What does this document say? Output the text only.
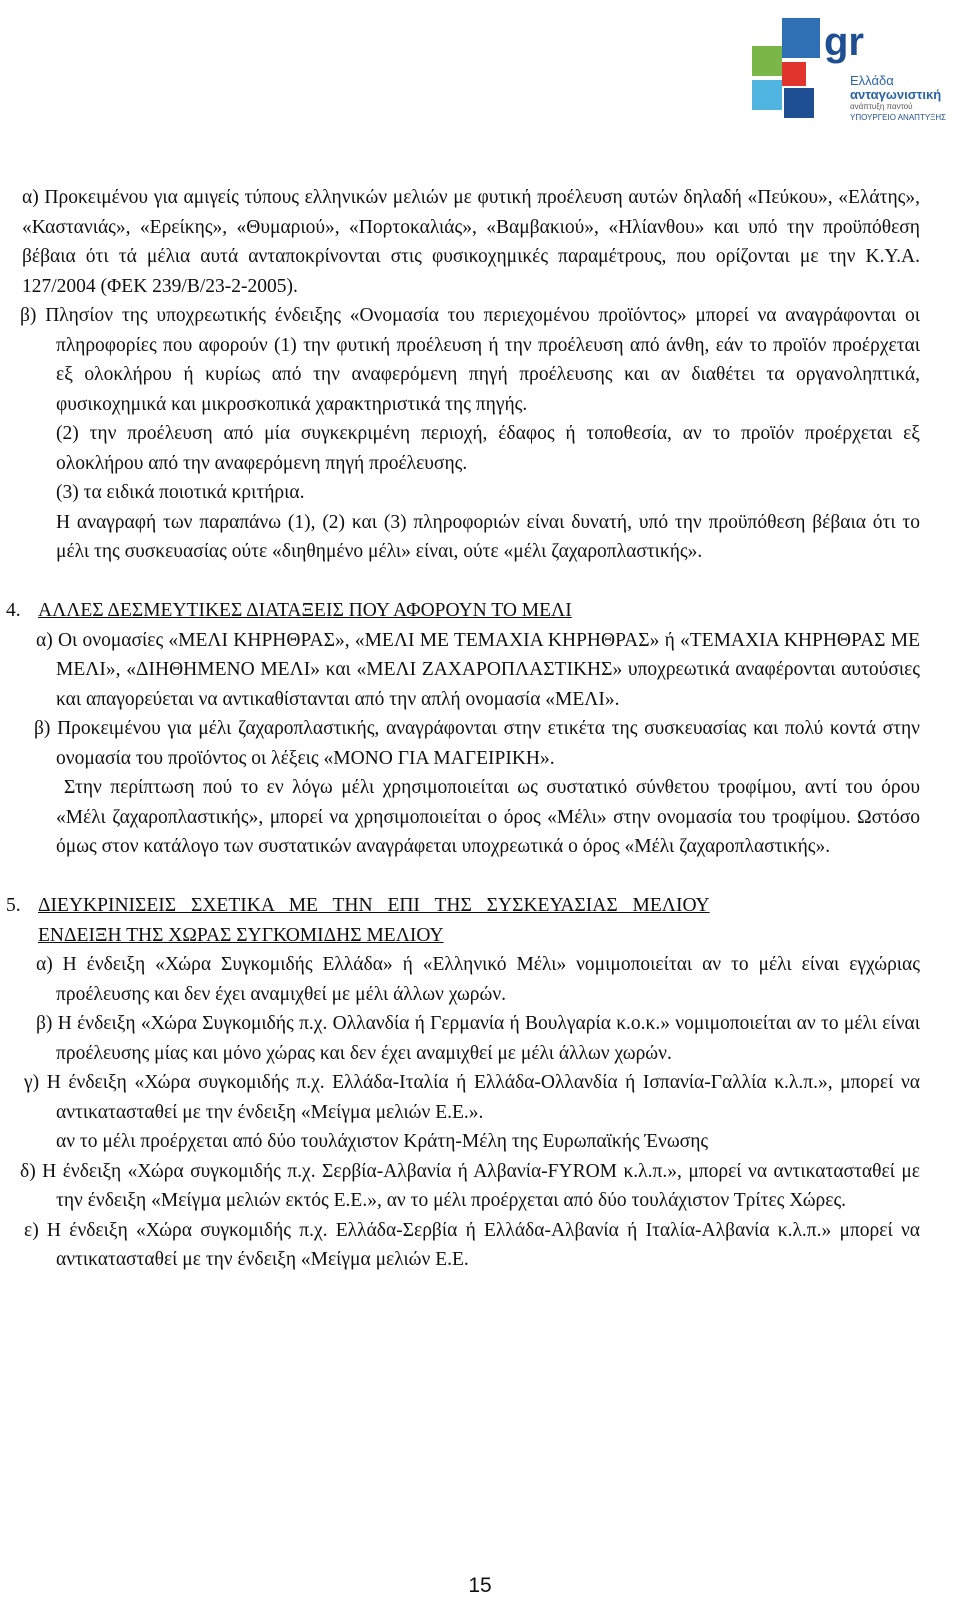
gr
Ελλάδα
ανταγωνιστική
ανάπτυξη παντού
ΥΠΟΥΡΓΕΙΟ ΑΝΑΠΤΥΞΗΣ

α) Προκειμένου για αμιγείς τύπους ελληνικών μελιών με φυτική προέλευση αυτών δηλαδή «Πεύκου», «Ελάτης», «Καστανιάς», «Ερείκης», «Θυμαριού», «Πορτοκαλιάς», «Βαμβακιού», «Ηλίανθου» και υπό την προϋπόθεση βέβαια ότι τά μέλια αυτά ανταποκρίνονται στις φυσικοχημικές παραμέτρους, που ορίζονται με την Κ.Υ.Α. 127/2004 (ΦΕΚ 239/Β/23-2-2005).

β) Πλησίον της υποχρεωτικής ένδειξης «Ονομασία του περιεχομένου προϊόντος» μπορεί να αναγράφονται οι πληροφορίες που αφορούν (1) την φυτική προέλευση ή την προέλευση από άνθη, εάν το προϊόν προέρχεται εξ ολοκλήρου ή κυρίως από την αναφερόμενη πηγή προέλευσης και αν διαθέτει τα οργανοληπτικά, φυσικοχημικά και μικροσκοπικά χαρακτηριστικά της πηγής.

(2) την προέλευση από μία συγκεκριμένη περιοχή, έδαφος ή τοποθεσία, αν το προϊόν προέρχεται εξ ολοκλήρου από την αναφερόμενη πηγή προέλευσης.

(3) τα ειδικά ποιοτικά κριτήρια.

Η αναγραφή των παραπάνω (1), (2) και (3) πληροφοριών είναι δυνατή, υπό την προϋπόθεση βέβαια ότι το μέλι της συσκευασίας ούτε «διηθημένο μέλι» είναι, ούτε «μέλι ζαχαροπλαστικής».

4. ΑΛΛΕΣ ΔΕΣΜΕΥΤΙΚΕΣ ΔΙΑΤΑΞΕΙΣ ΠΟΥ ΑΦΟΡΟΥΝ ΤΟ ΜΕΛΙ

α) Οι ονομασίες «ΜΕΛΙ ΚΗΡΗΘΡΑΣ», «ΜΕΛΙ ΜΕ ΤΕΜΑΧΙΑ ΚΗΡΗΘΡΑΣ» ή «ΤΕΜΑΧΙΑ ΚΗΡΗΘΡΑΣ ΜΕ ΜΕΛΙ», «ΔΙΗΘΗΜΕΝΟ ΜΕΛΙ» και «ΜΕΛΙ ΖΑΧΑΡΟΠΛΑΣΤΙΚΗΣ» υποχρεωτικά αναφέρονται αυτούσιες και απαγορεύεται να αντικαθίστανται από την απλή ονομασία «ΜΕΛΙ».

β) Προκειμένου για μέλι ζαχαροπλαστικής, αναγράφονται στην ετικέτα της συσκευασίας και πολύ κοντά στην ονομασία του προϊόντος οι λέξεις «ΜΟΝΟ ΓΙΑ ΜΑΓΕΙΡΙΚΗ».

Στην περίπτωση πού το εν λόγω μέλι χρησιμοποιείται ως συστατικό σύνθετου τροφίμου, αντί του όρου «Μέλι ζαχαροπλαστικής», μπορεί να χρησιμοποιείται ο όρος «Μέλι» στην ονομασία του τροφίμου. Ωστόσο όμως στον κατάλογο των συστατικών αναγράφεται υποχρεωτικά ο όρος «Μέλι ζαχαροπλαστικής».

5. ΔΙΕΥΚΡΙΝΙΣΕΙΣ ΣΧΕΤΙΚΑ ΜΕ ΤΗΝ ΕΠΙ ΤΗΣ ΣΥΣΚΕΥΑΣΙΑΣ ΜΕΛΙΟΥ

ΕΝΔΕΙΞΗ ΤΗΣ ΧΩΡΑΣ ΣΥΓΚΟΜΙΔΗΣ ΜΕΛΙΟΥ

α) Η ένδειξη «Χώρα Συγκομιδής Ελλάδα» ή «Ελληνικό Μέλι» νομιμοποιείται αν το μέλι είναι εγχώριας προέλευσης και δεν έχει αναμιχθεί με μέλι άλλων χωρών.

β) Η ένδειξη «Χώρα Συγκομιδής π.χ. Ολλανδία ή Γερμανία ή Βουλγαρία κ.ο.κ.» νομιμοποιείται αν το μέλι είναι προέλευσης μίας και μόνο χώρας και δεν έχει αναμιχθεί με μέλι άλλων χωρών.

γ) Η ένδειξη «Χώρα συγκομιδής π.χ. Ελλάδα-Ιταλία ή Ελλάδα-Ολλανδία ή Ισπανία-Γαλλία κ.λ.π.», μπορεί να αντικατασταθεί με την ένδειξη «Μείγμα μελιών Ε.Ε.».

αν το μέλι προέρχεται από δύο τουλάχιστον Κράτη-Μέλη της Ευρωπαϊκής Ένωσης

δ) Η ένδειξη «Χώρα συγκομιδής π.χ. Σερβία-Αλβανία ή Αλβανία-FYROM κ.λ.π.», μπορεί να αντικατασταθεί με την ένδειξη «Μείγμα μελιών εκτός Ε.Ε.», αν το μέλι προέρχεται από δύο τουλάχιστον Τρίτες Χώρες.

ε) Η ένδειξη «Χώρα συγκομιδής π.χ. Ελλάδα-Σερβία ή Ελλάδα-Αλβανία ή Ιταλία-Αλβανία κ.λ.π.» μπορεί να αντικατασταθεί με την ένδειξη «Μείγμα μελιών Ε.Ε.

15
